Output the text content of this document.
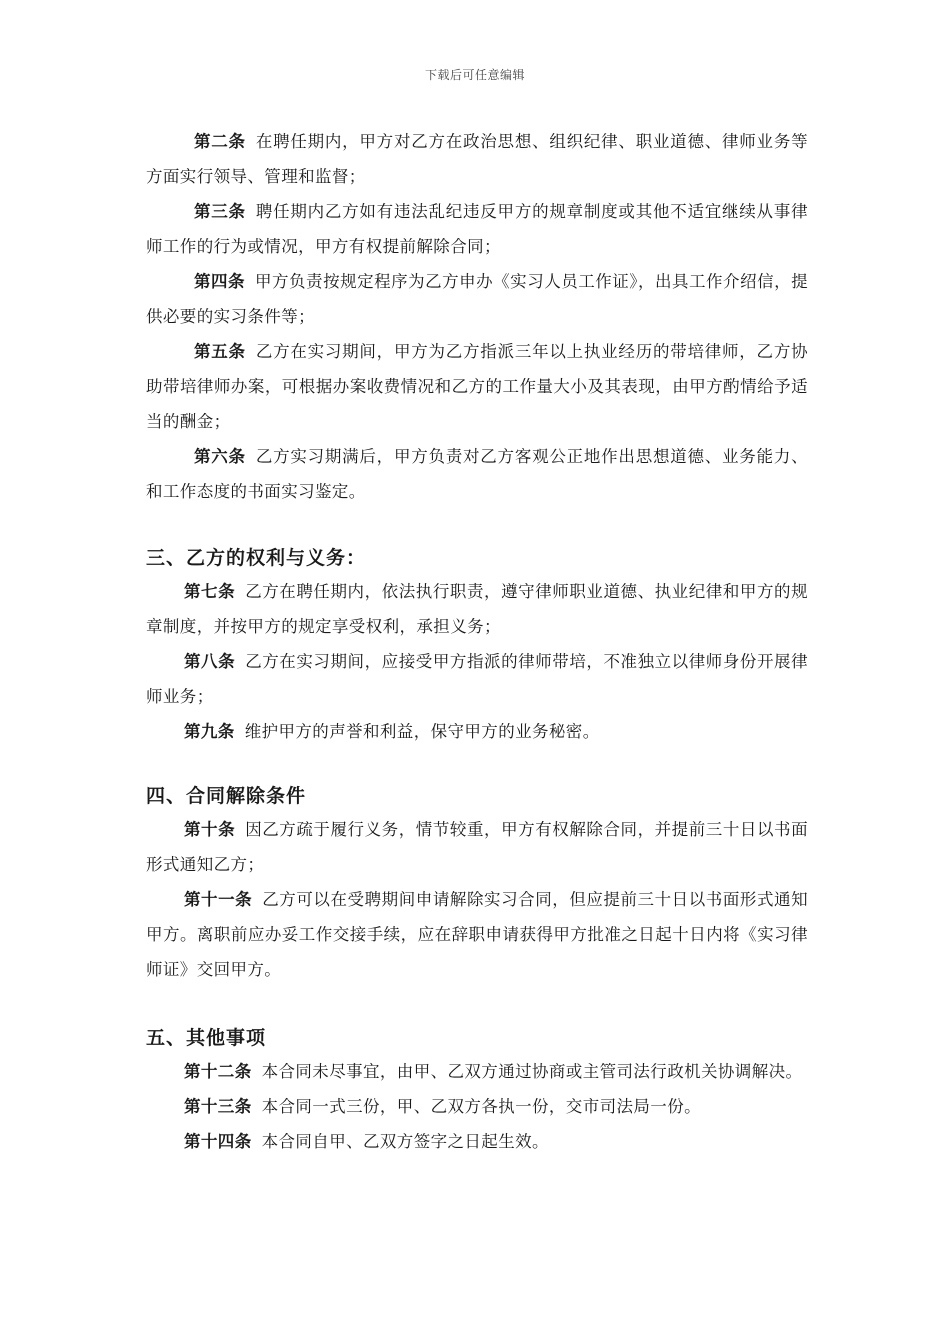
下载后可任意编辑

第二条 在聘任期内，甲方对乙方在政治思想、组织纪律、职业道德、律师业务等方面实行领导、管理和监督；

第三条 聘任期内乙方如有违法乱纪违反甲方的规章制度或其他不适宜继续从事律师工作的行为或情况，甲方有权提前解除合同；

第四条 甲方负责按规定程序为乙方申办《实习人员工作证》，出具工作介绍信，提供必要的实习条件等；

第五条 乙方在实习期间，甲方为乙方指派三年以上执业经历的带培律师，乙方协助带培律师办案，可根据办案收费情况和乙方的工作量大小及其表现，由甲方酌情给予适当的酬金；

第六条 乙方实习期满后，甲方负责对乙方客观公正地作出思想道德、业务能力、和工作态度的书面实习鉴定。

三、乙方的权利与义务：

第七条 乙方在聘任期内，依法执行职责，遵守律师职业道德、执业纪律和甲方的规章制度，并按甲方的规定享受权利，承担义务；

第八条 乙方在实习期间，应接受甲方指派的律师带培，不准独立以律师身份开展律师业务；

第九条 维护甲方的声誉和利益，保守甲方的业务秘密。

四、合同解除条件

第十条 因乙方疏于履行义务，情节较重，甲方有权解除合同，并提前三十日以书面形式通知乙方；

第十一条 乙方可以在受聘期间申请解除实习合同，但应提前三十日以书面形式通知甲方。离职前应办妥工作交接手续，应在辞职申请获得甲方批准之日起十日内将《实习律师证》交回甲方。

五、其他事项

第十二条 本合同未尽事宜，由甲、乙双方通过协商或主管司法行政机关协调解决。

第十三条 本合同一式三份，甲、乙双方各执一份，交市司法局一份。

第十四条 本合同自甲、乙双方签字之日起生效。
